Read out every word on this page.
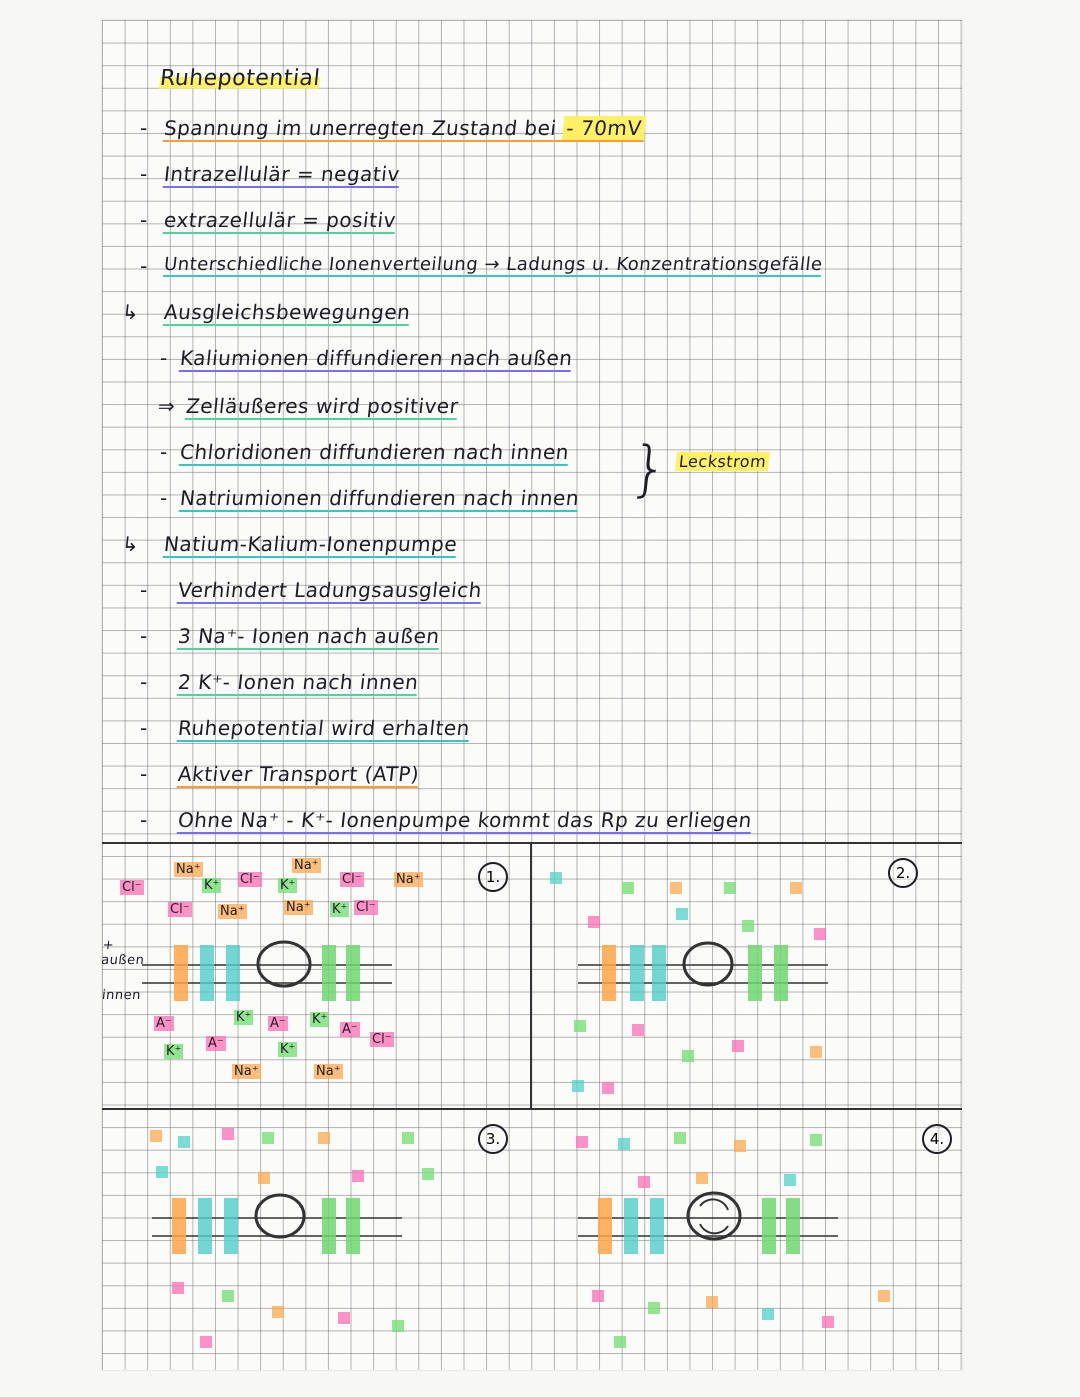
Ruhepotential
- Spannung im unerregten Zustand bei - 70mV
- Intrazellulär = negativ
- extrazellulär = positiv
- Unterschiedliche Ionenverteilung → Ladungs u. Konzentrationsgefälle
↳ Ausgleichsbewegungen
- Kaliumionen diffundieren nach außen
⇒ Zelläußeres wird positiver
- Chloridionen diffundieren nach innen
- Natriumionen diffundieren nach innen } Leckstrom
↳ Natium-Kalium-Ionenpumpe
- Verhindert Ladungsausgleich
- 3 Na⁺- Ionen nach außen
- 2 K⁺- Ionen nach innen
- Ruhepotential wird erhalten
- Aktiver Transport (ATP)
- Ohne Na⁺ - K⁺- Ionenpumpe kommt das Rp zu erliegen
1.	2.
3.	4.
+
außen
innen
Na⁺
K⁺ Cl⁻
Na⁺
K⁺	Cl⁻	Na⁺
Cl⁻
Cl⁻ Na⁺	Na⁺ K⁺ Cl⁻
A⁻
K⁺
A⁻
K⁺ A⁻
K⁺
A⁻
K⁺
Na⁺
Cl⁻
Na⁺
